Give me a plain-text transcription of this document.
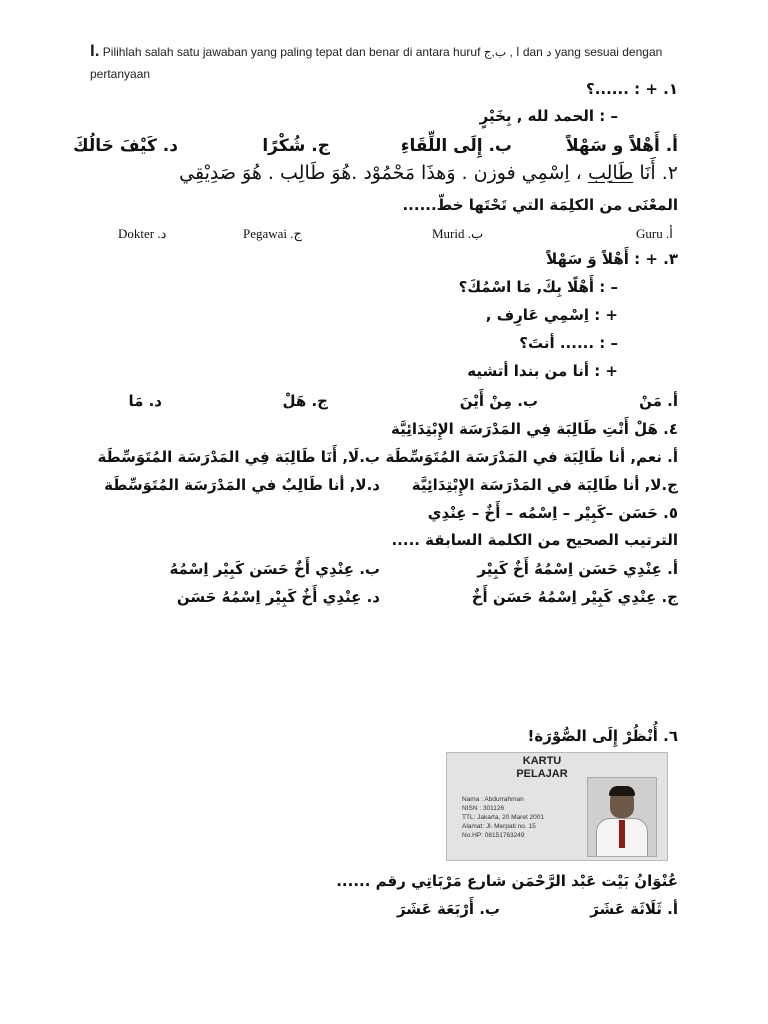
I. Pilihlah salah satu jawaban yang paling tepat dan benar di antara huruf ا , ب,ج dan د yang sesuai dengan pertanyaan
١. + : ......؟
– : الحمد لله , بِخَيْرٍ
أ. أَهْلاً و سَهْلاً
ب. إِلَى اللِّقَاءِ
ج. شُكْرًا
د. كَيْفَ حَالُكَ
٢. أَنَا طَالِب ، اِسْمِي فوزن . وَهذَا مَحْمُوْد .هُوَ طَالِب . هُوَ صَدِيْقِي
المعْنَى من الكلِمَة التي تَحْتَها خطّ......
Guru .أ
Murid .ب
Pegawai .ج
Dokter .د
٣. + : أَهْلاً وَ سَهْلاً
– : أَهْلًا بِكَ, مَا اسْمُكَ؟
+ : اِسْمِي عَارِف ,
– : ...... أنتَ؟
+ : أنا من بندا أتشيه
أ. مَنْ
ب. مِنْ أَيْنَ
ج. هَلْ
د. مَا
٤. هَلْ أَنْتِ طَالِبَة فِي المَدْرَسَة الإِبْتِدَائِيَّة
أ. نعم, أنا طَالِبَة في المَدْرَسَة المُتَوَسِّطَة
ب.لَا, أَنَا طَالِبَة فِي المَدْرَسَة المُتَوَسِّطَة
ج.لا, أنا طَالِبَة في المَدْرَسَة الإِبْتِدَائِيَّة
د.لا, أنا طَالِبٌ في المَدْرَسَة المُتَوَسِّطَة
٥. حَسَن –كَبِيْر – اِسْمُه – أَخٌ – عِنْدِي
الترتيب الصحيح من الكلمة السابقة .....
أ. عِنْدِي حَسَن اِسْمُهُ أَخٌ كَبِيْر
ب. عِنْدِي أَخٌ حَسَن كَبِيْر اِسْمُهُ
ج. عِنْدِي كَبِيْر اِسْمُهُ حَسَن أَخٌ
د. عِنْدِي أَخٌ كَبِيْر اِسْمُهُ حَسَن
٦. أُنْظُرْ إِلَى الصُّوْرَة!
KARTU PELAJAR
Nama : Abdurrahman
NISN : 301126
TTL: Jakarta, 20 Maret 2001
Alamat: Jl. Merpati no. 15
No.HP: 08151763249
عُنْوَانُ بَيْت عَبْد الرَّحْمَن شارع مَرْبَاتِي رقم ......
أ. ثَلَاثَة عَشَرَ
ب. أَرْبَعَة عَشَرَ
